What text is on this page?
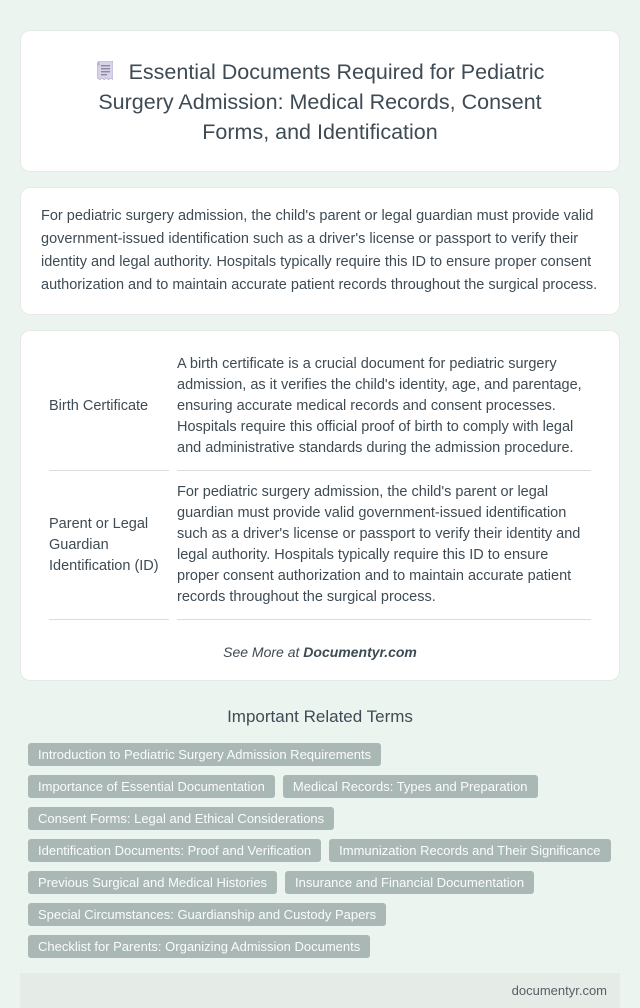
Essential Documents Required for Pediatric Surgery Admission: Medical Records, Consent Forms, and Identification

For pediatric surgery admission, the child's parent or legal guardian must provide valid government-issued identification such as a driver's license or passport to verify their identity and legal authority. Hospitals typically require this ID to ensure proper consent authorization and to maintain accurate patient records throughout the surgical process.

Birth Certificate	A birth certificate is a crucial document for pediatric surgery admission, as it verifies the child's identity, age, and parentage, ensuring accurate medical records and consent processes. Hospitals require this official proof of birth to comply with legal and administrative standards during the admission procedure.
Parent or Legal Guardian Identification (ID)	For pediatric surgery admission, the child's parent or legal guardian must provide valid government-issued identification such as a driver's license or passport to verify their identity and legal authority. Hospitals typically require this ID to ensure proper consent authorization and to maintain accurate patient records throughout the surgical process.

See More at Documentyr.com

Important Related Terms
Introduction to Pediatric Surgery Admission RequirementsImportance of Essential Documentation Medical Records: Types and PreparationConsent Forms: Legal and Ethical ConsiderationsIdentification Documents: Proof and Verification Immunization Records and Their SignificancePrevious Surgical and Medical Histories Insurance and Financial DocumentationSpecial Circumstances: Guardianship and Custody PapersChecklist for Parents: Organizing Admission Documents
documentyr.com
